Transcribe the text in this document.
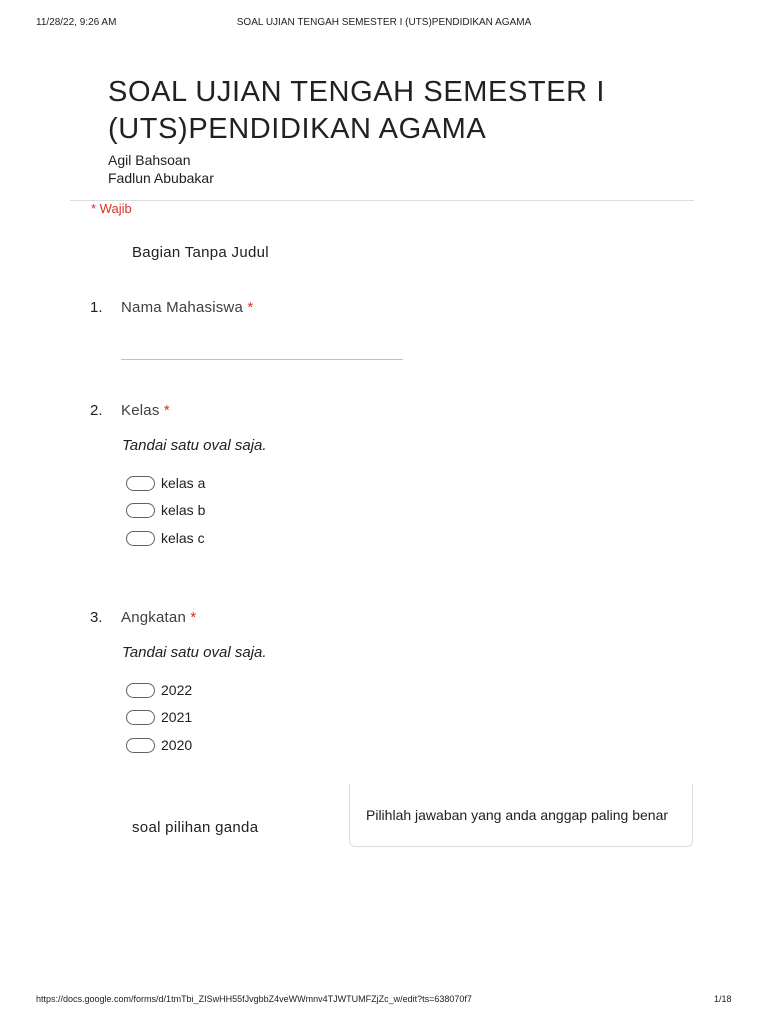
11/28/22, 9:26 AM	SOAL UJIAN TENGAH SEMESTER I (UTS)PENDIDIKAN AGAMA
SOAL UJIAN TENGAH SEMESTER I (UTS)PENDIDIKAN AGAMA
Agil Bahsoan
Fadlun Abubakar
* Wajib
Bagian Tanpa Judul
1. Nama Mahasiswa *
2. Kelas *
Tandai satu oval saja.
kelas a
kelas b
kelas c
3. Angkatan *
Tandai satu oval saja.
2022
2021
2020
soal pilihan ganda
Pilihlah jawaban yang anda anggap paling benar
https://docs.google.com/forms/d/1tmTbi_ZISwHH55fJvgbbZ4veWWmnv4TJWTUMFZjZc_w/edit?ts=638070f7	1/18
